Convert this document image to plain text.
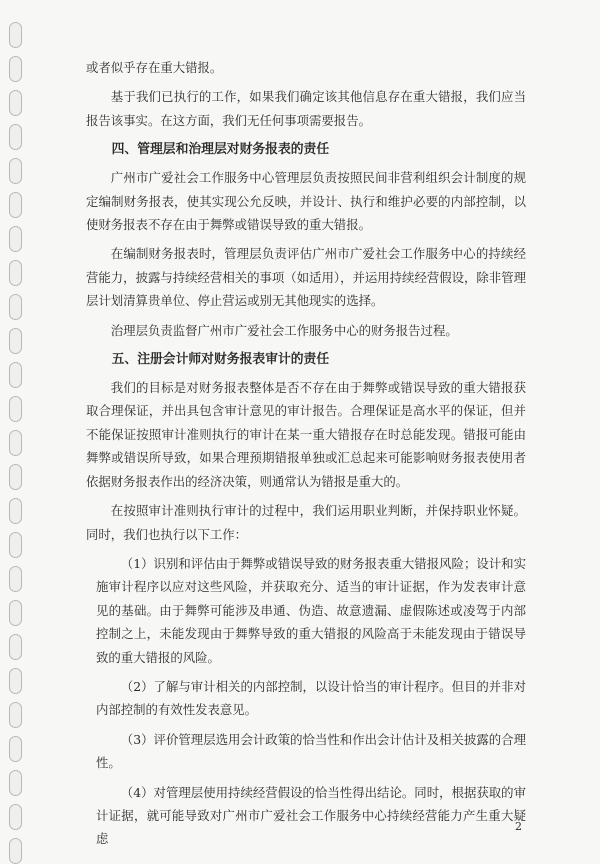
或者似乎存在重大错报。

基于我们已执行的工作，如果我们确定该其他信息存在重大错报，我们应当报告该事实。在这方面，我们无任何事项需要报告。

四、管理层和治理层对财务报表的责任

广州市广爱社会工作服务中心管理层负责按照民间非营利组织会计制度的规定编制财务报表，使其实现公允反映，并设计、执行和维护必要的内部控制，以使财务报表不存在由于舞弊或错误导致的重大错报。

在编制财务报表时，管理层负责评估广州市广爱社会工作服务中心的持续经营能力，披露与持续经营相关的事项（如适用），并运用持续经营假设，除非管理层计划清算贵单位、停止营运或别无其他现实的选择。

治理层负责监督广州市广爱社会工作服务中心的财务报告过程。

五、注册会计师对财务报表审计的责任

我们的目标是对财务报表整体是否不存在由于舞弊或错误导致的重大错报获取合理保证，并出具包含审计意见的审计报告。合理保证是高水平的保证，但并不能保证按照审计准则执行的审计在某一重大错报存在时总能发现。错报可能由舞弊或错误所导致，如果合理预期错报单独或汇总起来可能影响财务报表使用者依据财务报表作出的经济决策，则通常认为错报是重大的。

在按照审计准则执行审计的过程中，我们运用职业判断，并保持职业怀疑。同时，我们也执行以下工作：

（1）识别和评估由于舞弊或错误导致的财务报表重大错报风险；设计和实施审计程序以应对这些风险，并获取充分、适当的审计证据，作为发表审计意见的基础。由于舞弊可能涉及串通、伪造、故意遗漏、虚假陈述或凌驾于内部控制之上，未能发现由于舞弊导致的重大错报的风险高于未能发现由于错误导致的重大错报的风险。

（2）了解与审计相关的内部控制，以设计恰当的审计程序。但目的并非对内部控制的有效性发表意见。

（3）评价管理层选用会计政策的恰当性和作出会计估计及相关披露的合理性。

（4）对管理层使用持续经营假设的恰当性得出结论。同时，根据获取的审计证据，就可能导致对广州市广爱社会工作服务中心持续经营能力产生重大疑虑

2
